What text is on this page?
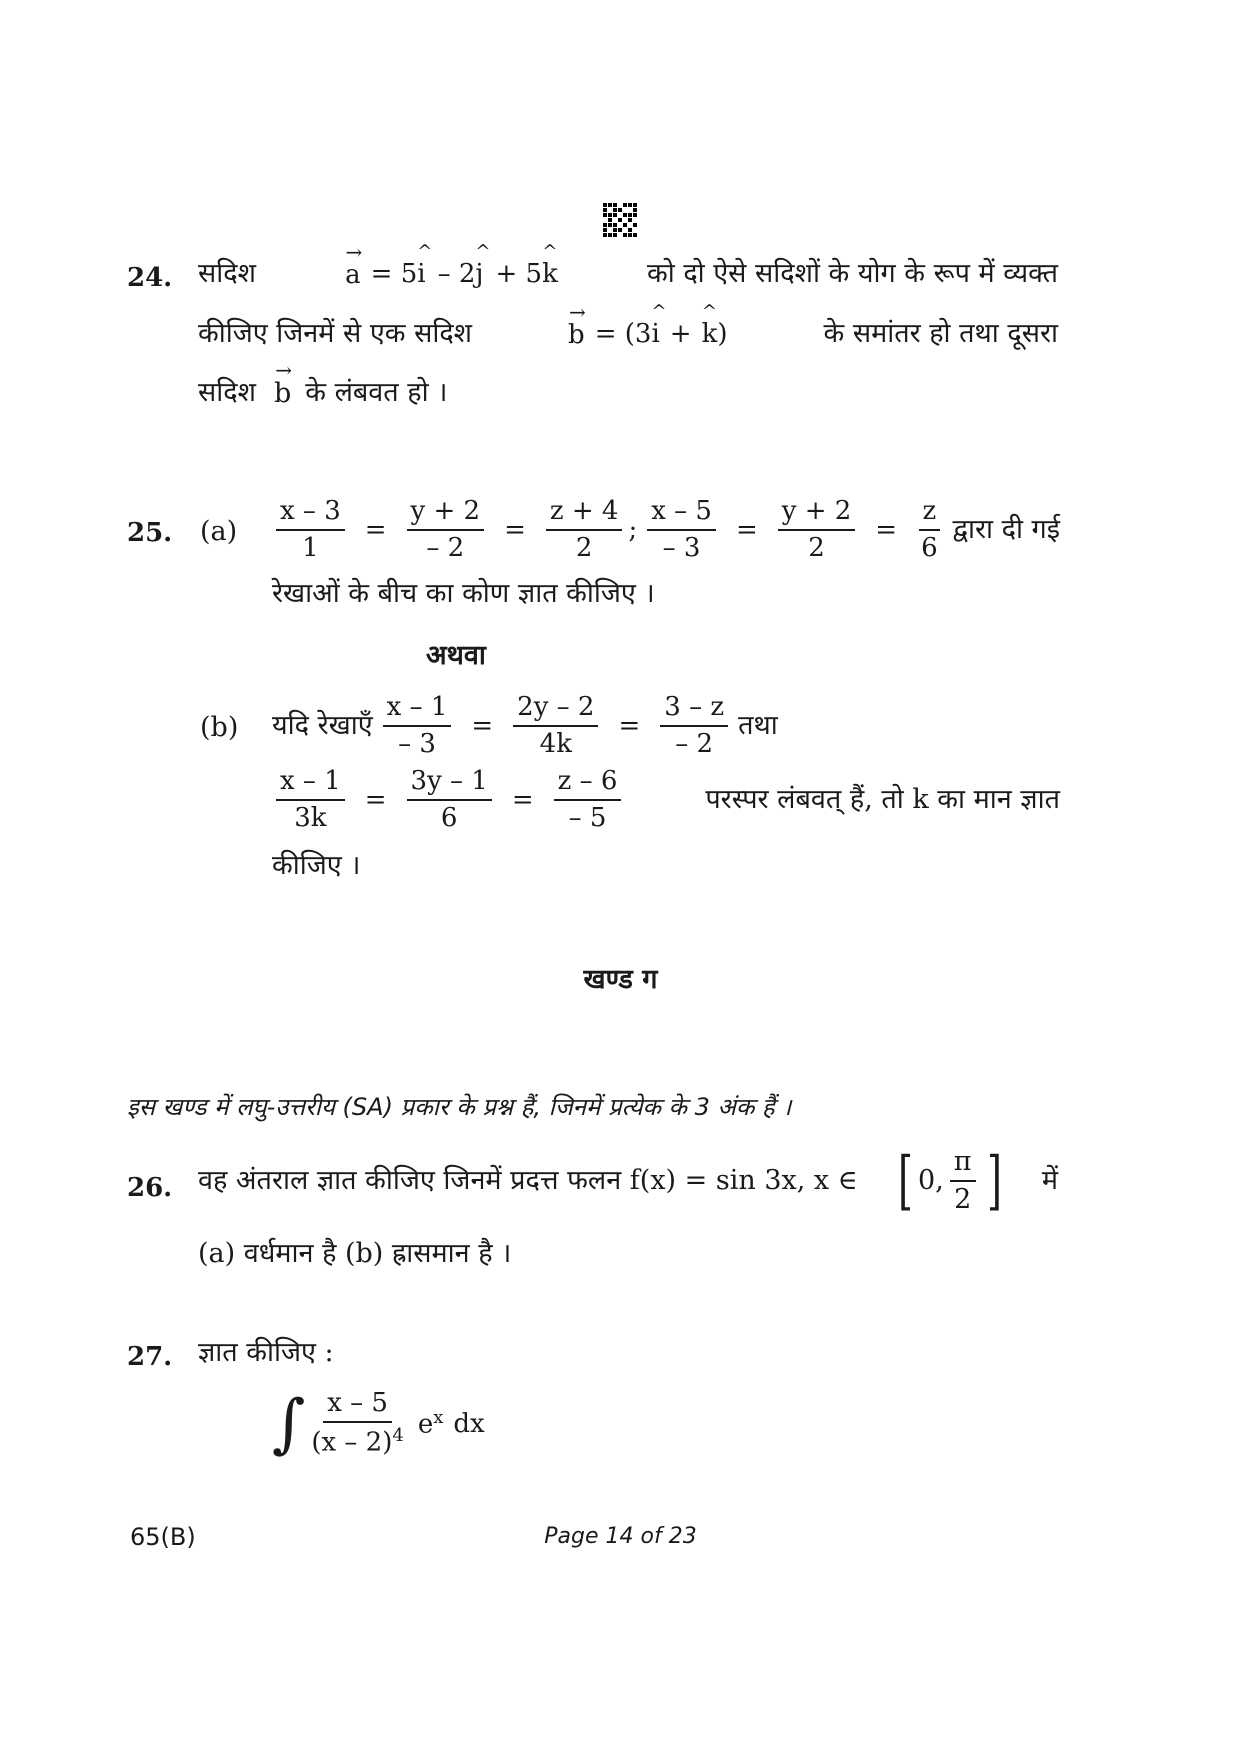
24. सदिश
→
a = 5
^
i – 2
^
j + 5
^
k	को दो ऐसे सदिशों के योग के रूप में व्यक्त
कीजिए जिनमें से एक सदिश
→
b = (3
^
i +
^
k )	के समांतर हो तथा दूसरा
सदिश
→
b के लंबवत हो ।
25. $(a) \frac{x - 3}{1} = \frac{y + 2}{- 2} = \frac{z + 4}{2}$ ; $\frac{x - 5}{- 3} = \frac{y + 2}{2} = \frac{z}{6}$ द्वारा दी गई
रेखाओं के बीच का कोण ज्ञात कीजिए ।
अथवा
(b) यदि रेखाएँ $\frac{x - 1}{- 3} = \frac{2y - 2}{4k} = \frac{3 - z}{- 2}$ तथा
$\frac{x - 1}{3k} = \frac{3y - 1}{6} = \frac{z - 6}{- 5}$	परस्पर लंबवत् हैं, तो k का मान ज्ञात
कीजिए ।
खण्ड ग
इस खण्ड में लघु-उत्तरीय (SA) प्रकार के प्रश्न हैं, जिनमें प्रत्येक के 3 अंक हैं ।
26. वह अंतराल ज्ञात कीजिए जिनमें प्रदत्त फलन f(x) = sin 3x, x ∈ [ 0, $\frac{\pi}{2}$ ] में
(a) वर्धमान है (b) ह्रासमान है ।
27. ज्ञात कीजिए :
∫ $\frac{x - 5}{(x - 2)^4} e^x$ dx
65(B)	Page 14 of 23
